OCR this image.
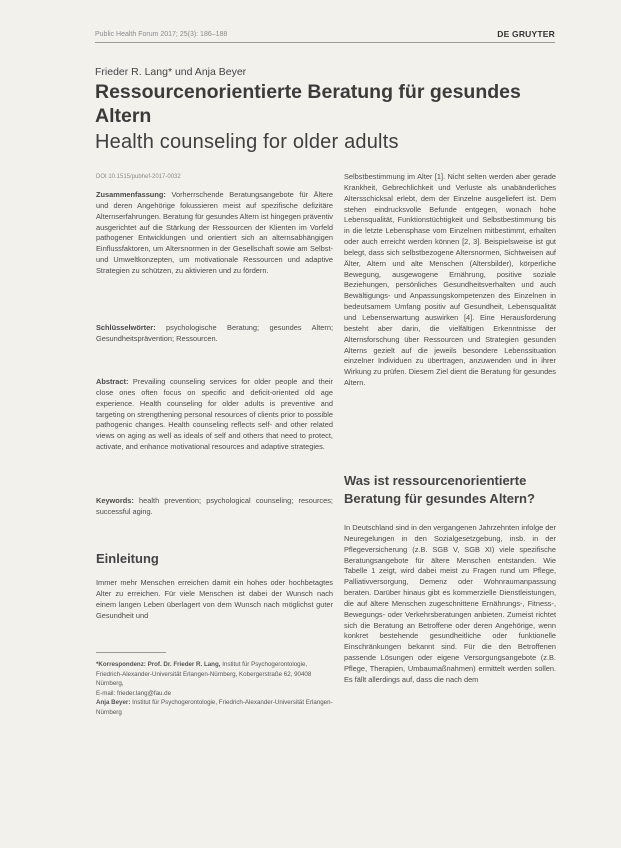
Public Health Forum 2017; 25(3): 186–188	DE GRUYTER
Frieder R. Lang* und Anja Beyer
Ressourcenorientierte Beratung für gesundes Altern
Health counseling for older adults
DOI 10.1515/pubhef-2017-0032

Zusammenfassung: Vorherrschende Beratungsangebote für Ältere und deren Angehörige fokussieren meist auf spezifische defizitäre Alternserfahrungen. Beratung für gesundes Altern ist hingegen präventiv ausgerichtet auf die Stärkung der Ressourcen der Klienten im Vorfeld pathogener Entwicklungen und orientiert sich an alternsabhängigen Einflussfaktoren, um Altersnormen in der Gesellschaft sowie am Selbst- und Umweltkonzepten, um motivationale Ressourcen und adaptive Strategien zu schützen, zu aktivieren und zu fördern.

Schlüsselwörter: psychologische Beratung; gesundes Altern; Gesundheitsprävention; Ressourcen.

Abstract: Prevailing counseling services for older people and their close ones often focus on specific and deficit-oriented old age experience. Health counseling for older adults is preventive and targeting on strengthening personal resources of clients prior to possible pathogenic changes. Health counseling reflects self- and other related views on aging as well as ideals of self and others that need to protect, activate, and enhance motivational resources and adaptive strategies.

Keywords: health prevention; psychological counseling; resources; successful aging.

Einleitung

Immer mehr Menschen erreichen damit ein hohes oder hochbetagtes Alter zu erreichen. Für viele Menschen ist dabei der Wunsch nach einem langen Leben überlagert von dem Wunsch nach möglichst guter Gesundheit und

*Korrespondenz: Prof. Dr. Frieder R. Lang, Institut für Psychogerontologie, Friedrich-Alexander-Universität Erlangen-Nürnberg, Kobergerstraße 62, 90408 Nürnberg,
E-mail: frieder.lang@fau.de
Anja Beyer: Institut für Psychogerontologie, Friedrich-Alexander-Universität Erlangen-Nürnberg

Selbstbestimmung im Alter [1]. Nicht selten werden aber gerade Krankheit, Gebrechlichkeit und Verluste als unabänderliches Altersschicksal erlebt, dem der Einzelne ausgeliefert ist. Dem stehen eindrucksvolle Befunde entgegen, wonach hohe Lebensqualität, Funktionstüchtigkeit und Selbstbestimmung bis in die letzte Lebensphase vom Einzelnen mitbestimmt, erhalten oder auch erreicht werden können [2, 3]. Beispielsweise ist gut belegt, dass sich selbstbezogene Altersnormen, Sichtweisen auf Älter, Altern und alte Menschen (Altersbilder), körperliche Bewegung, ausgewogene Ernährung, positive soziale Beziehungen, persönliches Gesundheitsverhalten und auch Bewältigungs- und Anpassungskompetenzen des Einzelnen in bedeutsamem Umfang positiv auf Gesundheit, Lebensqualität und Lebenserwartung auswirken [4]. Eine Herausforderung besteht aber darin, die vielfältigen Erkenntnisse der Alternsforschung über Ressourcen und Strategien gesunden Alterns gezielt auf die jeweils besondere Lebenssituation einzelner Individuen zu übertragen, anzuwenden und in ihrer Wirkung zu prüfen. Diesem Ziel dient die Beratung für gesundes Altern.

Was ist ressourcenorientierte Beratung für gesundes Altern?

In Deutschland sind in den vergangenen Jahrzehnten infolge der Neuregelungen in den Sozialgesetzgebung, insb. in der Pflegeversicherung (z.B. SGB V, SGB XI) viele spezifische Beratungsangebote für ältere Menschen entstanden. Wie Tabelle 1 zeigt, wird dabei meist zu Fragen rund um Pflege, Palliativversorgung, Demenz oder Wohnraumanpassung beraten. Darüber hinaus gibt es kommerzielle Dienstleistungen, die auf ältere Menschen zugeschnittene Ernährungs-, Fitness-, Bewegungs- oder Verkehrsberatungen anbieten. Zumeist richtet sich die Beratung an Betroffene oder deren Angehörige, wenn konkret bestehende gesundheitliche oder funktionelle Einschränkungen bekannt sind. Für die den Betroffenen passende Lösungen oder eigene Versorgungsangebote (z.B. Pflege, Therapien, Umbaumaßnahmen) ermittelt werden sollen. Es fällt allerdings auf, dass die nach dem
